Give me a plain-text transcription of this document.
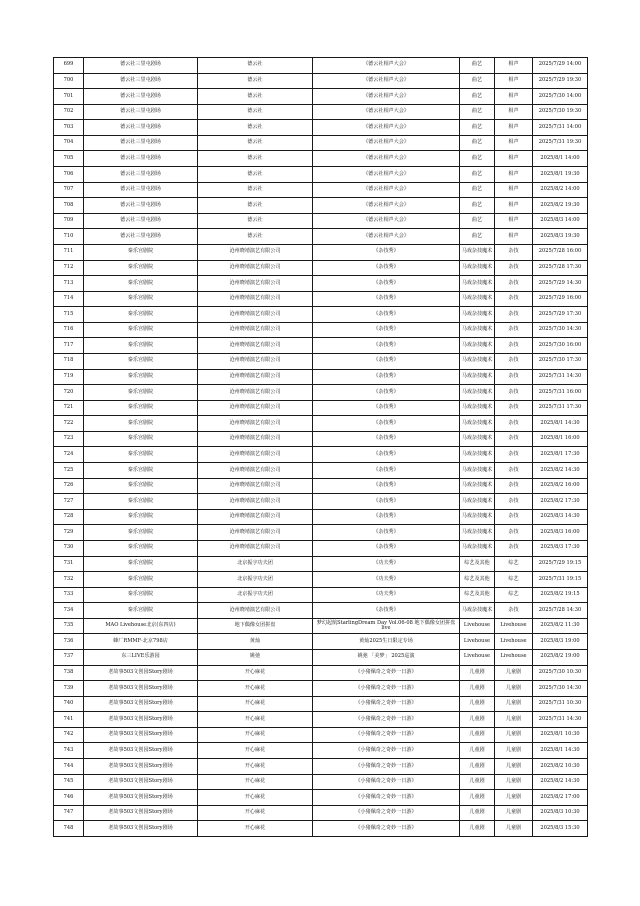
699	德云社三里屯剧场	德云社	《德云社相声大会》	曲艺	相声	2025/7/29 14:00
700	德云社三里屯剧场	德云社	《德云社相声大会》	曲艺	相声	2025/7/29 19:30
701	德云社三里屯剧场	德云社	《德云社相声大会》	曲艺	相声	2025/7/30 14:00
702	德云社三里屯剧场	德云社	《德云社相声大会》	曲艺	相声	2025/7/30 19:30
703	德云社三里屯剧场	德云社	《德云社相声大会》	曲艺	相声	2025/7/31 14:00
704	德云社三里屯剧场	德云社	《德云社相声大会》	曲艺	相声	2025/7/31 19:30
705	德云社三里屯剧场	德云社	《德云社相声大会》	曲艺	相声	2025/8/1 14:00
706	德云社三里屯剧场	德云社	《德云社相声大会》	曲艺	相声	2025/8/1 19:30
707	德云社三里屯剧场	德云社	《德云社相声大会》	曲艺	相声	2025/8/2 14:00
708	德云社三里屯剧场	德云社	《德云社相声大会》	曲艺	相声	2025/8/2 19:30
709	德云社三里屯剧场	德云社	《德云社相声大会》	曲艺	相声	2025/8/3 14:00
710	德云社三里屯剧场	德云社	《德云社相声大会》	曲艺	相声	2025/8/3 19:30
711	秦乐宫剧院	沧州晓靖演艺有限公司	《杂技秀》	马戏杂技魔术	杂技	2025/7/28 16:00
712	秦乐宫剧院	沧州晓靖演艺有限公司	《杂技秀》	马戏杂技魔术	杂技	2025/7/28 17:30
713	秦乐宫剧院	沧州晓靖演艺有限公司	《杂技秀》	马戏杂技魔术	杂技	2025/7/29 14:30
714	秦乐宫剧院	沧州晓靖演艺有限公司	《杂技秀》	马戏杂技魔术	杂技	2025/7/29 16:00
715	秦乐宫剧院	沧州晓靖演艺有限公司	《杂技秀》	马戏杂技魔术	杂技	2025/7/29 17:30
716	秦乐宫剧院	沧州晓靖演艺有限公司	《杂技秀》	马戏杂技魔术	杂技	2025/7/30 14:30
717	秦乐宫剧院	沧州晓靖演艺有限公司	《杂技秀》	马戏杂技魔术	杂技	2025/7/30 16:00
718	秦乐宫剧院	沧州晓靖演艺有限公司	《杂技秀》	马戏杂技魔术	杂技	2025/7/30 17:30
719	秦乐宫剧院	沧州晓靖演艺有限公司	《杂技秀》	马戏杂技魔术	杂技	2025/7/31 14:30
720	秦乐宫剧院	沧州晓靖演艺有限公司	《杂技秀》	马戏杂技魔术	杂技	2025/7/31 16:00
721	秦乐宫剧院	沧州晓靖演艺有限公司	《杂技秀》	马戏杂技魔术	杂技	2025/7/31 17:30
722	秦乐宫剧院	沧州晓靖演艺有限公司	《杂技秀》	马戏杂技魔术	杂技	2025/8/1 14:30
723	秦乐宫剧院	沧州晓靖演艺有限公司	《杂技秀》	马戏杂技魔术	杂技	2025/8/1 16:00
724	秦乐宫剧院	沧州晓靖演艺有限公司	《杂技秀》	马戏杂技魔术	杂技	2025/8/1 17:30
725	秦乐宫剧院	沧州晓靖演艺有限公司	《杂技秀》	马戏杂技魔术	杂技	2025/8/2 14:30
726	秦乐宫剧院	沧州晓靖演艺有限公司	《杂技秀》	马戏杂技魔术	杂技	2025/8/2 16:00
727	秦乐宫剧院	沧州晓靖演艺有限公司	《杂技秀》	马戏杂技魔术	杂技	2025/8/2 17:30
728	秦乐宫剧院	沧州晓靖演艺有限公司	《杂技秀》	马戏杂技魔术	杂技	2025/8/3 14:30
729	秦乐宫剧院	沧州晓靖演艺有限公司	《杂技秀》	马戏杂技魔术	杂技	2025/8/3 16:00
730	秦乐宫剧院	沧州晓靖演艺有限公司	《杂技秀》	马戏杂技魔术	杂技	2025/8/3 17:30
731	秦乐宫剧院	北京振宇功夫团	《功夫秀》	综艺及其他	综艺	2025/7/29 19:15
732	秦乐宫剧院	北京振宇功夫团	《功夫秀》	综艺及其他	综艺	2025/7/31 19:15
733	秦乐宫剧院	北京振宇功夫团	《功夫秀》	综艺及其他	综艺	2025/8/2 19:15
734	秦乐宫剧院	沧州晓靖演艺有限公司	《杂技秀》	马戏杂技魔术	杂技	2025/7/28 14:30
735	MAO Livehouse北京(东四店)	地下偶像女团拼盘	梦幻起航StarlingDream Day Vol.06-08 地下偶像女团拼盘live	Livehouse	Livehouse	2025/8/2 11:30
736	蜂厂RMMF·北京798店	黄灿	黄灿2025生日限定专场	Livehouse	Livehouse	2025/8/3 19:00
737	东三LIVE乐游园	姚弛	姚弛 「美梦」 2025巡演	Livehouse	Livehouse	2025/8/2 19:00
738	老故事503文创园Story剧场	开心麻花	《小猪佩奇之奇妙一日游》	儿童剧	儿童剧	2025/7/30 10:30
739	老故事503文创园Story剧场	开心麻花	《小猪佩奇之奇妙一日游》	儿童剧	儿童剧	2025/7/30 14:30
740	老故事503文创园Story剧场	开心麻花	《小猪佩奇之奇妙一日游》	儿童剧	儿童剧	2025/7/31 10:30
741	老故事503文创园Story剧场	开心麻花	《小猪佩奇之奇妙一日游》	儿童剧	儿童剧	2025/7/31 14:30
742	老故事503文创园Story剧场	开心麻花	《小猪佩奇之奇妙一日游》	儿童剧	儿童剧	2025/8/1 10:30
743	老故事503文创园Story剧场	开心麻花	《小猪佩奇之奇妙一日游》	儿童剧	儿童剧	2025/8/1 14:30
744	老故事503文创园Story剧场	开心麻花	《小猪佩奇之奇妙一日游》	儿童剧	儿童剧	2025/8/2 10:30
745	老故事503文创园Story剧场	开心麻花	《小猪佩奇之奇妙一日游》	儿童剧	儿童剧	2025/8/2 14:30
746	老故事503文创园Story剧场	开心麻花	《小猪佩奇之奇妙一日游》	儿童剧	儿童剧	2025/8/2 17:00
747	老故事503文创园Story剧场	开心麻花	《小猪佩奇之奇妙一日游》	儿童剧	儿童剧	2025/8/3 10:30
748	老故事503文创园Story剧场	开心麻花	《小猪佩奇之奇妙一日游》	儿童剧	儿童剧	2025/8/3 15:30
